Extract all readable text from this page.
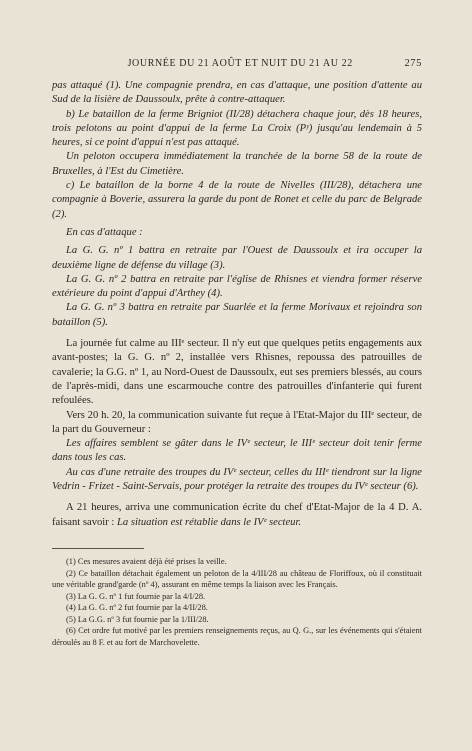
JOURNÉE DU 21 AOÛT ET NUIT DU 21 AU 22	275

pas attaqué (1). Une compagnie prendra, en cas d'attaque, une position d'attente au Sud de la lisière de Daussoulx, prête à contre-attaquer.

b) Le bataillon de la ferme Brigniot (II/28) détachera chaque jour, dès 18 heures, trois pelotons au point d'appui de la ferme La Croix (Pʸ) jusqu'au lendemain à 5 heures, si ce point d'appui n'est pas attaqué.

Un peloton occupera immédiatement la tranchée de la borne 58 de la route de Bruxelles, à l'Est du Cimetière.

c) Le bataillon de la borne 4 de la route de Nivelles (III/28), détachera une compagnie à Boverie, assurera la garde du pont de Ronet et celle du parc de Belgrade (2).

En cas d'attaque :

La G. G. nº 1 battra en retraite par l'Ouest de Daussoulx et ira occuper la deuxième ligne de défense du village (3).

La G. G. nº 2 battra en retraite par l'église de Rhisnes et viendra former réserve extérieure du point d'appui d'Arthey (4).

La G. G. nº 3 battra en retraite par Suarlée et la ferme Morivaux et rejoindra son bataillon (5).

La journée fut calme au IIIᵉ secteur. Il n'y eut que quelques petits engagements aux avant-postes; la G. G. nº 2, installée vers Rhisnes, repoussa des patrouilles de cavalerie; la G.G. nº 1, au Nord-Ouest de Daussoulx, eut ses premiers blessés, au cours de l'après-midi, dans une escarmouche contre des patrouilles d'infanterie qui furent refoulées.

Vers 20 h. 20, la communication suivante fut reçue à l'Etat-Major du IIIᵉ secteur, de la part du Gouverneur :

Les affaires semblent se gâter dans le IVᵉ secteur, le IIIᵉ secteur doit tenir ferme dans tous les cas.

Au cas d'une retraite des troupes du IVᵉ secteur, celles du IIIᵉ tiendront sur la ligne Vedrin - Frizet - Saint-Servais, pour protéger la retraite des troupes du IVᵉ secteur (6).

A 21 heures, arriva une communication écrite du chef d'Etat-Major de la 4 D. A. faisant savoir : La situation est rétablie dans le IVᵉ secteur.

(1) Ces mesures avaient déjà été prises la veille.

(2) Ce bataillon détachait également un peloton de la 4/III/28 au château de Floriffoux, où il constituait une véritable grand'garde (nº 4), assurant en même temps la liaison avec les Français.

(3) La G. G. nº 1 fut fournie par la 4/I/28.

(4) La G. G. nº 2 fut fournie par la 4/II/28.

(5) La G.G. nº 3 fut fournie par la 1/III/28.

(6) Cet ordre fut motivé par les premiers renseignements reçus, au Q. G., sur les événements qui s'étaient déroulés au 8 F. et au fort de Marchovelette.
